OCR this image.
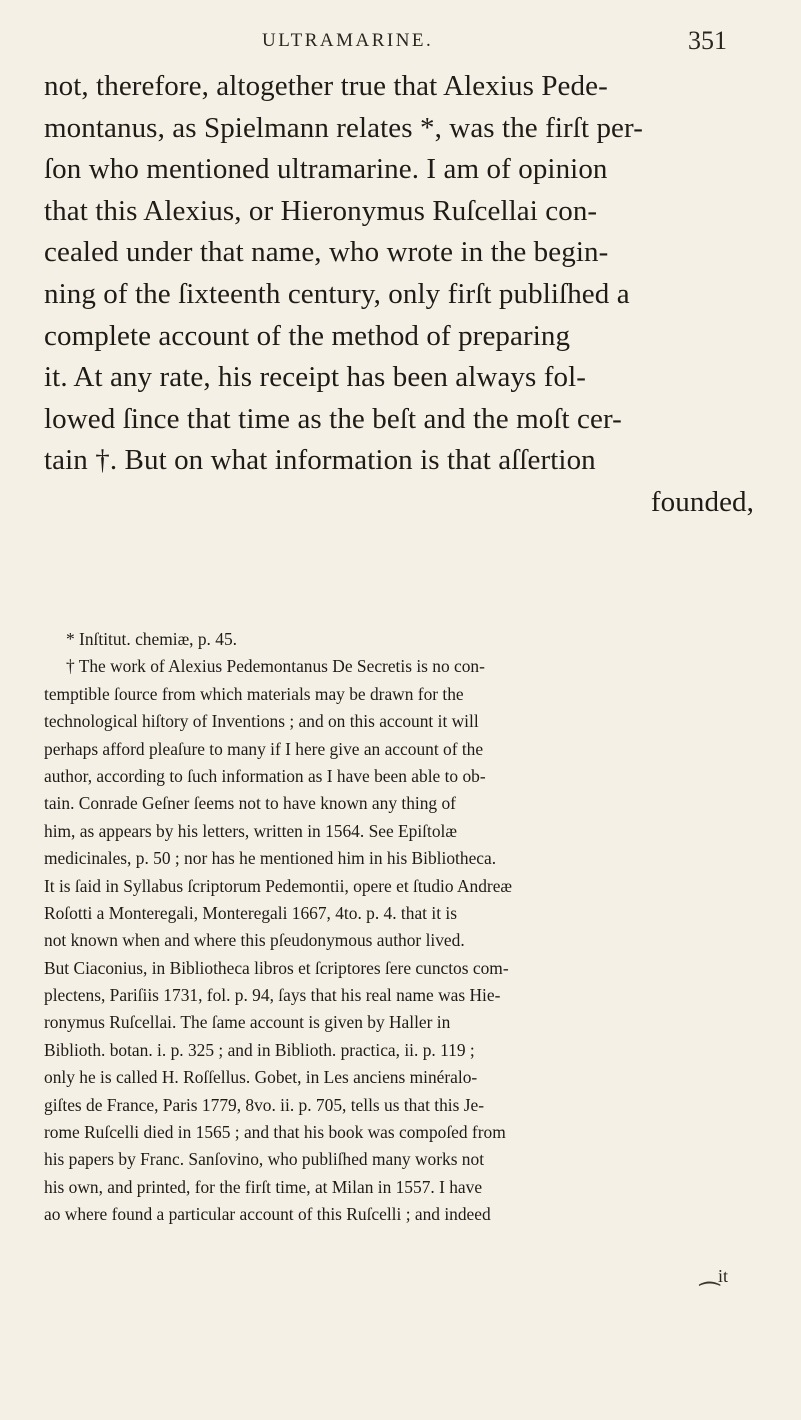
ULTRAMARINE.	351
not, therefore, altogether true that Alexius Pede-
montanus, as Spielmann relates *, was the firſt per-
ſon who mentioned ultramarine. I am of opinion
that this Alexius, or Hieronymus Ruſcellai con-
cealed under that name, who wrote in the begin-
ning of the ſixteenth century, only firſt publiſhed a
complete account of the method of preparing
it. At any rate, his receipt has been always fol-
lowed ſince that time as the beſt and the moſt cer-
tain †. But on what information is that aſſertion
founded,
* Inſtitut. chemiæ, p. 45.
† The work of Alexius Pedemontanus De Secretis is no con-
temptible ſource from which materials may be drawn for the
technological hiſtory of Inventions ; and on this account it will
perhaps afford pleaſure to many if I here give an account of the
author, according to ſuch information as I have been able to ob-
tain. Conrade Geſner ſeems not to have known any thing of
him, as appears by his letters, written in 1564. See Epiſtolæ
medicinales, p. 50 ; nor has he mentioned him in his Bibliotheca.
It is ſaid in Syllabus ſcriptorum Pedemontii, opere et ſtudio Andreæ
Roſotti a Monteregali, Monteregali 1667, 4to. p. 4. that it is
not known when and where this pſeudonymous author lived.
But Ciaconius, in Bibliotheca libros et ſcriptores ſere cunctos com-
plectens, Pariſiis 1731, fol. p. 94, ſays that his real name was Hie-
ronymus Ruſcellai. The ſame account is given by Haller in
Biblioth. botan. i. p. 325 ; and in Biblioth. practica, ii. p. 119 ;
only he is called H. Roſſellus. Gobet, in Les anciens minéralo-
giſtes de France, Paris 1779, 8vo. ii. p. 705, tells us that this Je-
rome Ruſcelli died in 1565 ; and that his book was compoſed from
his papers by Franc. Sanſovino, who publiſhed many works not
his own, and printed, for the firſt time, at Milan in 1557. I have
ao where found a particular account of this Ruſcelli ; and indeed
it
⁀
